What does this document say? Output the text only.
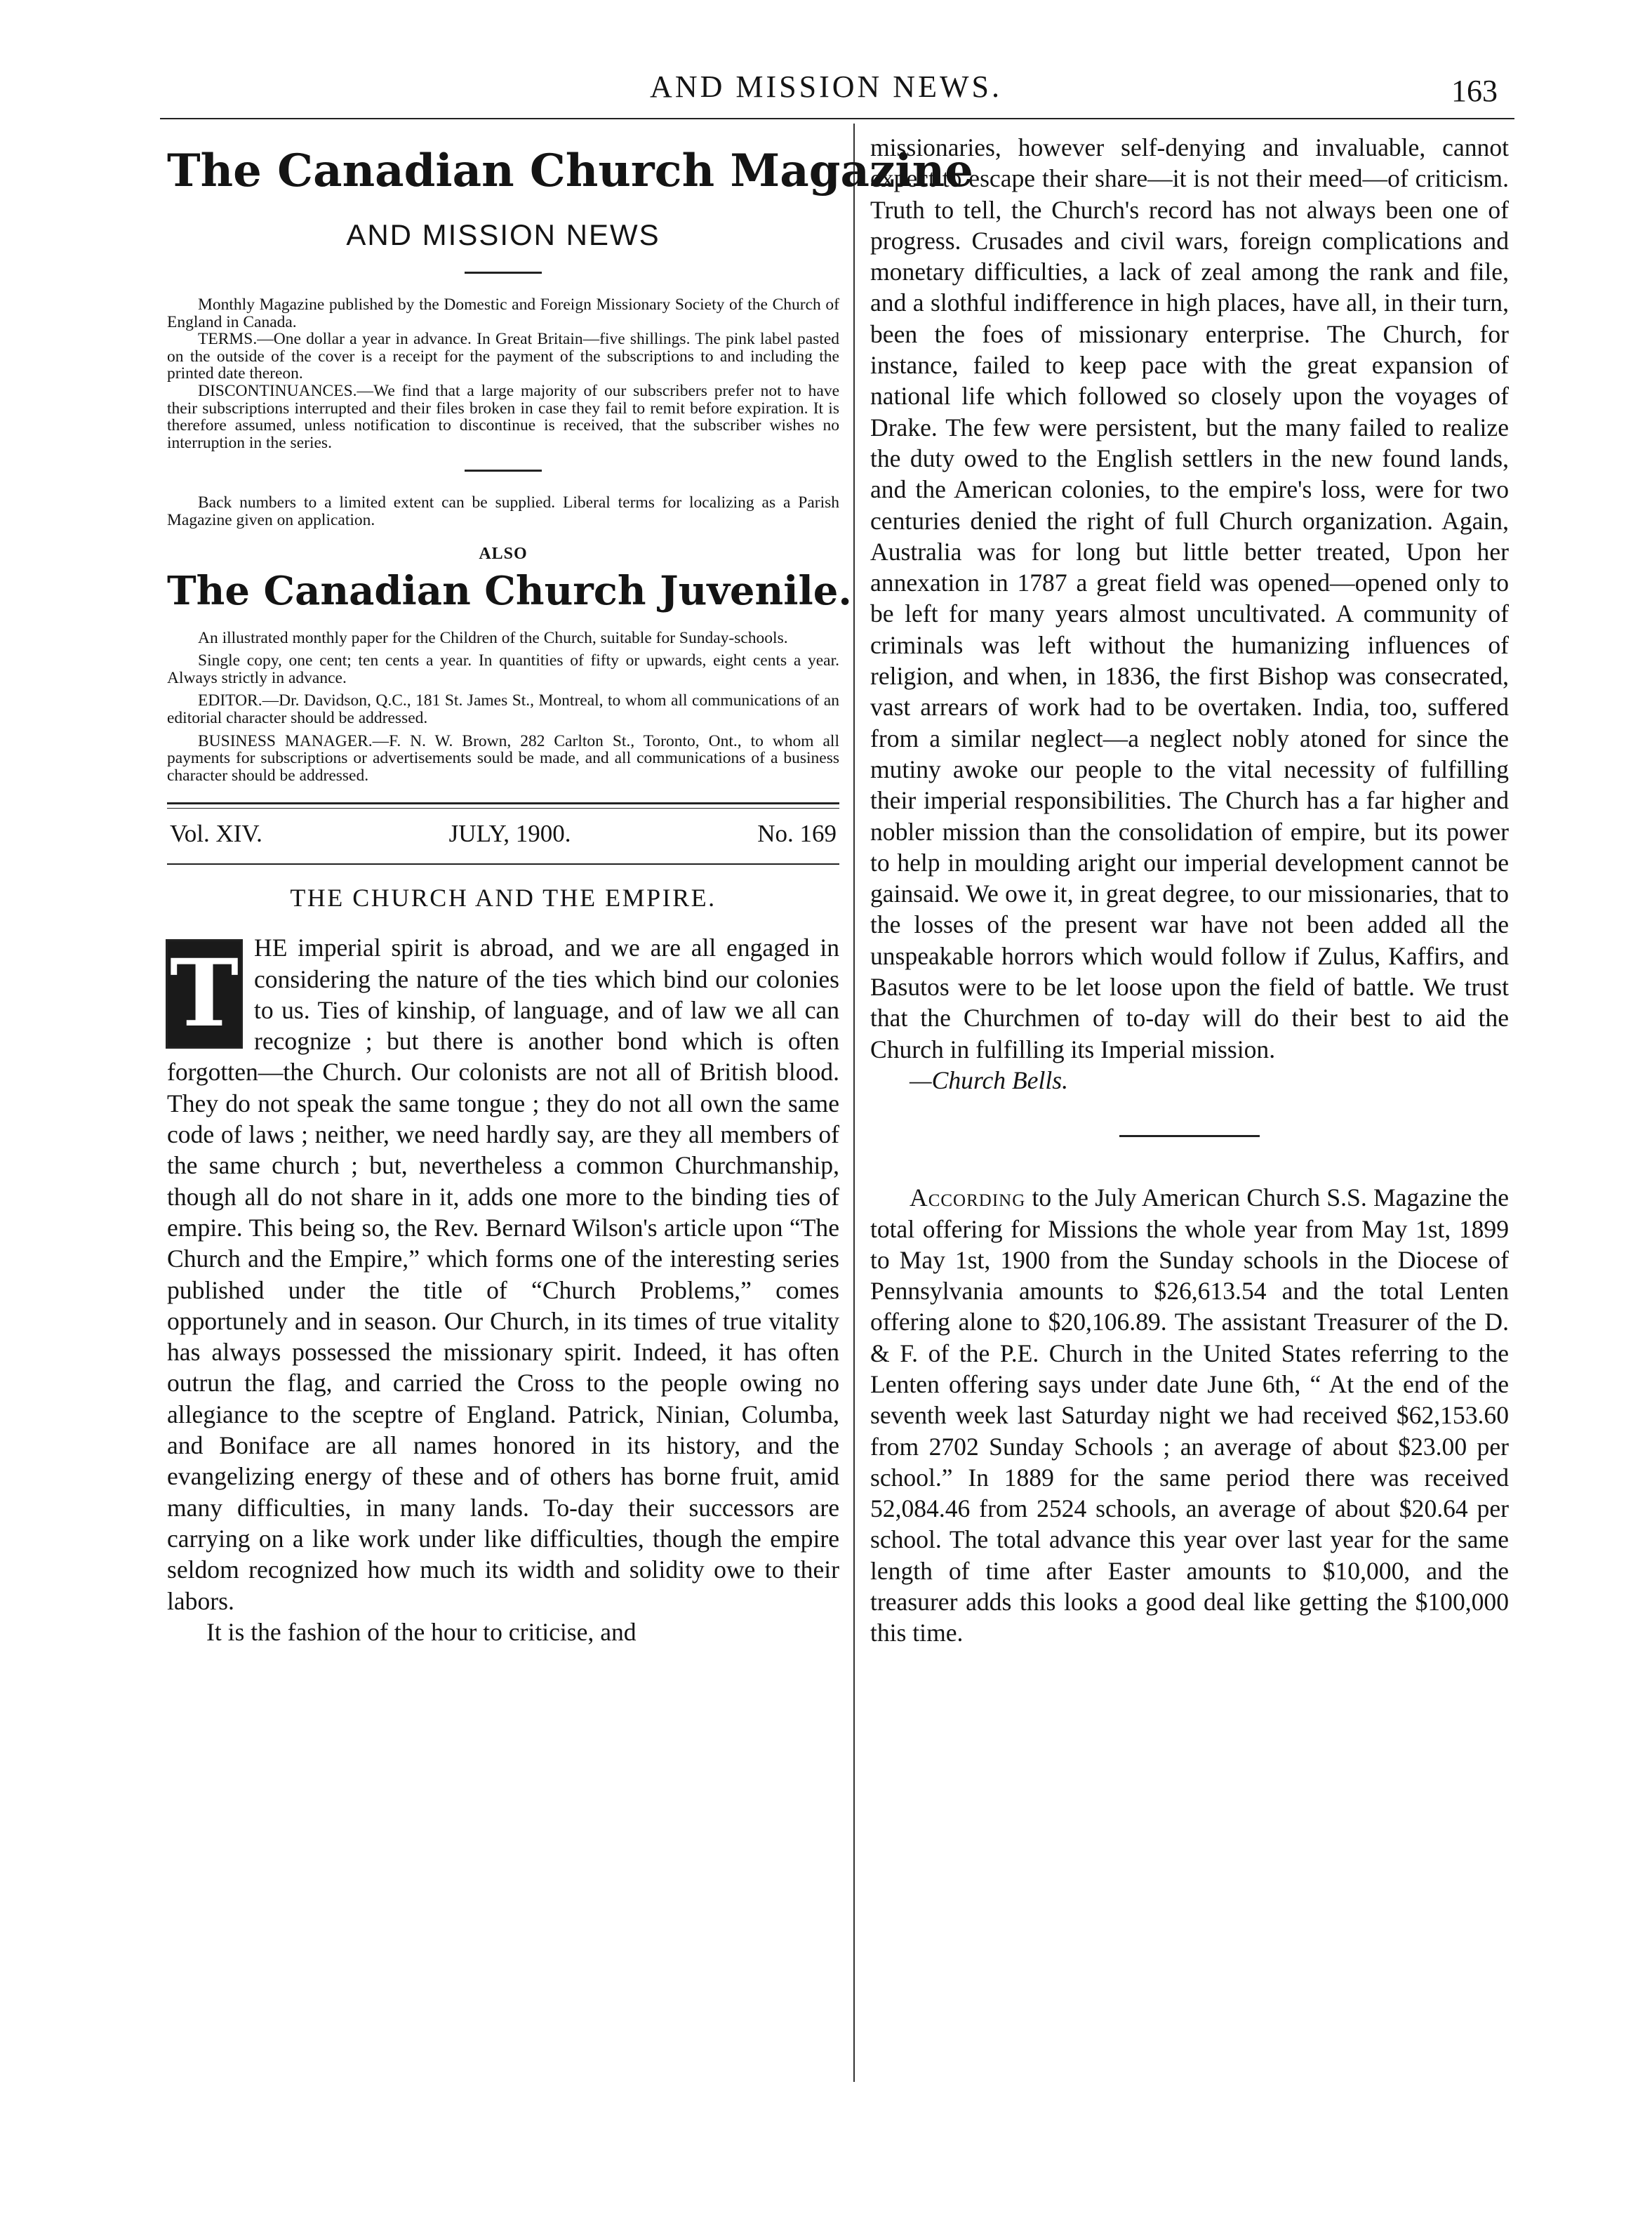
AND MISSION NEWS.	163
The Canadian Church Magazine
AND MISSION NEWS

Monthly Magazine published by the Domestic and Foreign Missionary Society of the Church of England in Canada.

TERMS.—One dollar a year in advance. In Great Britain—five shillings. The pink label pasted on the outside of the cover is a receipt for the payment of the subscriptions to and including the printed date thereon.

DISCONTINUANCES.—We find that a large majority of our subscribers prefer not to have their subscriptions interrupted and their files broken in case they fail to remit before expiration. It is therefore assumed, unless notification to discontinue is received, that the subscriber wishes no interruption in the series.

Back numbers to a limited extent can be supplied. Liberal terms for localizing as a Parish Magazine given on application.

ALSO
The Canadian Church Juvenile.

An illustrated monthly paper for the Children of the Church, suitable for Sunday-schools.

Single copy, one cent; ten cents a year. In quantities of fifty or upwards, eight cents a year. Always strictly in advance.

EDITOR.—Dr. Davidson, Q.C., 181 St. James St., Montreal, to whom all communications of an editorial character should be addressed.

BUSINESS MANAGER.—F. N. W. Brown, 282 Carlton St., Toronto, Ont., to whom all payments for subscriptions or advertisements sould be made, and all communications of a business character should be addressed.

Vol. XIV.	JULY, 1900.	No. 169
THE CHURCH AND THE EMPIRE.

T HE imperial spirit is abroad, and we are all engaged in considering the nature of the ties which bind our colonies to us. Ties of kinship, of language, and of law we all can recognize ; but there is another bond which is often forgotten—the Church. Our colonists are not all of British blood. They do not speak the same tongue ; they do not all own the same code of laws ; neither, we need hardly say, are they all members of the same church ; but, nevertheless a common Churchmanship, though all do not share in it, adds one more to the binding ties of empire. This being so, the Rev. Bernard Wilson's article upon “The Church and the Empire,” which forms one of the interesting series published under the title of “Church Problems,” comes opportunely and in season. Our Church, in its times of true vitality has always possessed the missionary spirit. Indeed, it has often outrun the flag, and carried the Cross to the people owing no allegiance to the sceptre of England. Patrick, Ninian, Columba, and Boniface are all names honored in its history, and the evangelizing energy of these and of others has borne fruit, amid many difficulties, in many lands. To-day their successors are carrying on a like work under like difficulties, though the empire seldom recognized how much its width and solidity owe to their labors.

It is the fashion of the hour to criticise, and

missionaries, however self-denying and invaluable, cannot expect to escape their share—it is not their meed—of criticism. Truth to tell, the Church's record has not always been one of progress. Crusades and civil wars, foreign complications and monetary difficulties, a lack of zeal among the rank and file, and a slothful indifference in high places, have all, in their turn, been the foes of missionary enterprise. The Church, for instance, failed to keep pace with the great expansion of national life which followed so closely upon the voyages of Drake. The few were persistent, but the many failed to realize the duty owed to the English settlers in the new found lands, and the American colonies, to the empire's loss, were for two centuries denied the right of full Church organization. Again, Australia was for long but little better treated, Upon her annexation in 1787 a great field was opened—opened only to be left for many years almost uncultivated. A community of criminals was left without the humanizing influences of religion, and when, in 1836, the first Bishop was consecrated, vast arrears of work had to be overtaken. India, too, suffered from a similar neglect—a neglect nobly atoned for since the mutiny awoke our people to the vital necessity of fulfilling their imperial responsibilities. The Church has a far higher and nobler mission than the consolidation of empire, but its power to help in moulding aright our imperial development cannot be gainsaid. We owe it, in great degree, to our missionaries, that to the losses of the present war have not been added all the unspeakable horrors which would follow if Zulus, Kaffirs, and Basutos were to be let loose upon the field of battle. We trust that the Churchmen of to-day will do their best to aid the Church in fulfilling its Imperial mission.

—Church Bells.

According to the July American Church S.S. Magazine the total offering for Missions the whole year from May 1st, 1899 to May 1st, 1900 from the Sunday schools in the Diocese of Pennsylvania amounts to $26,613.54 and the total Lenten offering alone to $20,106.89. The assistant Treasurer of the D. & F. of the P.E. Church in the United States referring to the Lenten offering says under date June 6th, “ At the end of the seventh week last Saturday night we had received $62,153.60 from 2702 Sunday Schools ; an average of about $23.00 per school.” In 1889 for the same period there was received 52,084.46 from 2524 schools, an average of about $20.64 per school. The total advance this year over last year for the same length of time after Easter amounts to $10,000, and the treasurer adds this looks a good deal like getting the $100,000 this time.
